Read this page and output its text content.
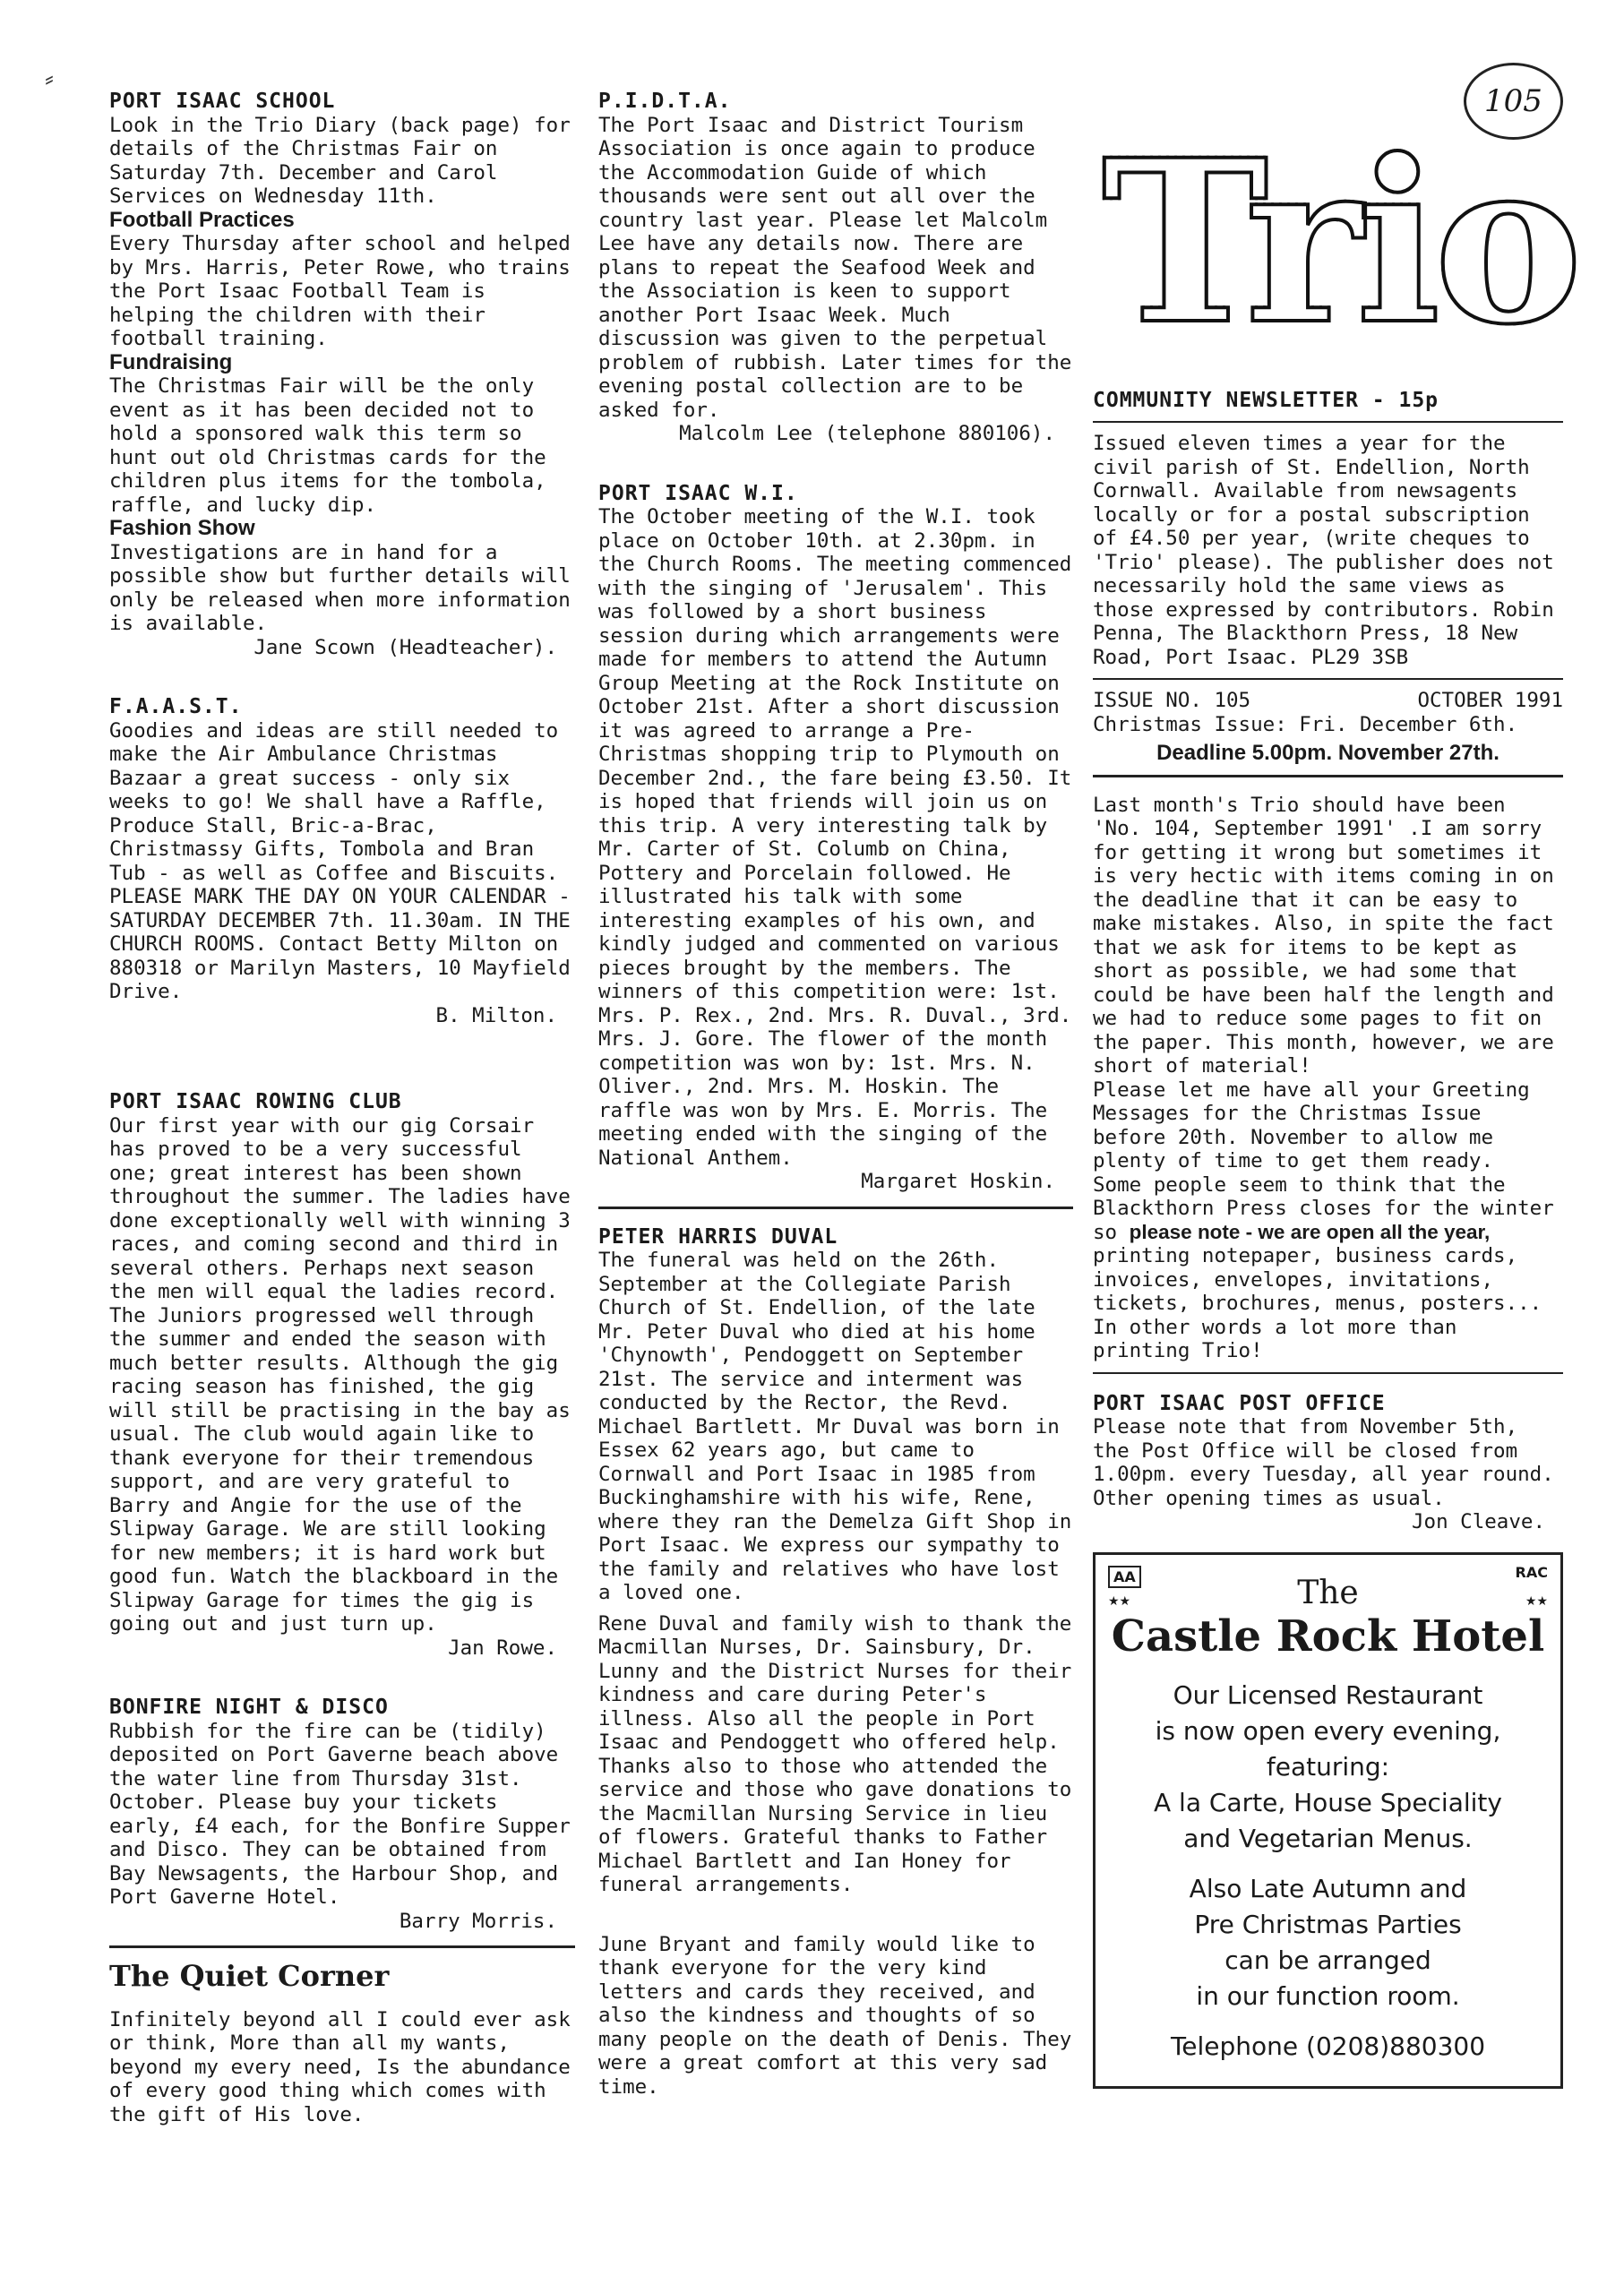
⸗
PORT ISAAC SCHOOL
Look in the Trio Diary (back page) for details of the Christmas Fair on Saturday 7th. December and Carol Services on Wednesday 11th.
Football Practices
Every Thursday after school and helped by Mrs. Harris, Peter Rowe, who trains the Port Isaac Football Team is helping the children with their football training.
Fundraising
The Christmas Fair will be the only event as it has been decided not to hold a sponsored walk this term so hunt out old Christmas cards for the children plus items for the tombola, raffle, and lucky dip.
Fashion Show
Investigations are in hand for a possible show but further details will only be released when more information is available.
Jane Scown (Headteacher).
F.A.A.S.T.
Goodies and ideas are still needed to make the Air Ambulance Christmas Bazaar a great success - only six weeks to go! We shall have a Raffle, Produce Stall, Bric-a-Brac, Christmassy Gifts, Tombola and Bran Tub - as well as Coffee and Biscuits. PLEASE MARK THE DAY ON YOUR CALENDAR - SATURDAY DECEMBER 7th. 11.30am. IN THE CHURCH ROOMS. Contact Betty Milton on 880318 or Marilyn Masters, 10 Mayfield Drive.
B. Milton.
PORT ISAAC ROWING CLUB
Our first year with our gig Corsair has proved to be a very successful one; great interest has been shown throughout the summer. The ladies have done exceptionally well with winning 3 races, and coming second and third in several others. Perhaps next season the men will equal the ladies record. The Juniors progressed well through the summer and ended the season with much better results. Although the gig racing season has finished, the gig will still be practising in the bay as usual. The club would again like to thank everyone for their tremendous support, and are very grateful to Barry and Angie for the use of the Slipway Garage. We are still looking for new members; it is hard work but good fun. Watch the blackboard in the Slipway Garage for times the gig is going out and just turn up.
Jan Rowe.
BONFIRE NIGHT & DISCO
Rubbish for the fire can be (tidily) deposited on Port Gaverne beach above the water line from Thursday 31st. October. Please buy your tickets early, £4 each, for the Bonfire Supper and Disco. They can be obtained from Bay Newsagents, the Harbour Shop, and Port Gaverne Hotel.
Barry Morris.
The Quiet Corner
Infinitely beyond all I could ever ask or think, More than all my wants, beyond my every need, Is the abundance of every good thing which comes with the gift of His love.
P.I.D.T.A.
The Port Isaac and District Tourism Association is once again to produce the Accommodation Guide of which thousands were sent out all over the country last year. Please let Malcolm Lee have any details now. There are plans to repeat the Seafood Week and the Association is keen to support another Port Isaac Week. Much discussion was given to the perpetual problem of rubbish. Later times for the evening postal collection are to be asked for.
Malcolm Lee (telephone 880106).
PORT ISAAC W.I.
The October meeting of the W.I. took place on October 10th. at 2.30pm. in the Church Rooms. The meeting commenced with the singing of 'Jerusalem'. This was followed by a short business session during which arrangements were made for members to attend the Autumn Group Meeting at the Rock Institute on October 21st. After a short discussion it was agreed to arrange a Pre-Christmas shopping trip to Plymouth on December 2nd., the fare being £3.50. It is hoped that friends will join us on this trip. A very interesting talk by Mr. Carter of St. Columb on China, Pottery and Porcelain followed. He illustrated his talk with some interesting examples of his own, and kindly judged and commented on various pieces brought by the members. The winners of this competition were: 1st. Mrs. P. Rex., 2nd. Mrs. R. Duval., 3rd. Mrs. J. Gore. The flower of the month competition was won by: 1st. Mrs. N. Oliver., 2nd. Mrs. M. Hoskin. The raffle was won by Mrs. E. Morris. The meeting ended with the singing of the National Anthem.
Margaret Hoskin.
PETER HARRIS DUVAL
The funeral was held on the 26th. September at the Collegiate Parish Church of St. Endellion, of the late Mr. Peter Duval who died at his home 'Chynowth', Pendoggett on September 21st. The service and interment was conducted by the Rector, the Revd. Michael Bartlett. Mr Duval was born in Essex 62 years ago, but came to Cornwall and Port Isaac in 1985 from Buckinghamshire with his wife, Rene, where they ran the Demelza Gift Shop in Port Isaac. We express our sympathy to the family and relatives who have lost a loved one.
Rene Duval and family wish to thank the Macmillan Nurses, Dr. Sainsbury, Dr. Lunny and the District Nurses for their kindness and care during Peter's illness. Also all the people in Port Isaac and Pendoggett who offered help. Thanks also to those who attended the service and those who gave donations to the Macmillan Nursing Service in lieu of flowers. Grateful thanks to Father Michael Bartlett and Ian Honey for funeral arrangements.
June Bryant and family would like to thank everyone for the very kind letters and cards they received, and also the kindness and thoughts of so many people on the death of Denis. They were a great comfort at this very sad time.
Trio
105
COMMUNITY NEWSLETTER - 15p
Issued eleven times a year for the civil parish of St. Endellion, North Cornwall. Available from newsagents locally or for a postal subscription of £4.50 per year, (write cheques to 'Trio' please). The publisher does not necessarily hold the same views as those expressed by contributors. Robin Penna, The Blackthorn Press, 18 New Road, Port Isaac. PL29 3SB
ISSUE NO. 105	OCTOBER 1991
Christmas Issue: Fri. December 6th.
Deadline 5.00pm. November 27th.
Last month's Trio should have been 'No. 104, September 1991' .I am sorry for getting it wrong but sometimes it is very hectic with items coming in on the deadline that it can be easy to make mistakes. Also, in spite the fact that we ask for items to be kept as short as possible, we had some that could be have been half the length and we had to reduce some pages to fit on the paper. This month, however, we are short of material!
Please let me have all your Greeting Messages for the Christmas Issue before 20th. November to allow me plenty of time to get them ready.
Some people seem to think that the Blackthorn Press closes for the winter so please note - we are open all the year, printing notepaper, business cards, invoices, envelopes, invitations, tickets, brochures, menus, posters... In other words a lot more than printing Trio!
PORT ISAAC POST OFFICE
Please note that from November 5th, the Post Office will be closed from 1.00pm. every Tuesday, all year round. Other opening times as usual.
Jon Cleave.
AA
★★
RAC
★★
The
Castle Rock Hotel
Our Licensed Restaurant
is now open every evening,
featuring:
A la Carte, House Speciality
and Vegetarian Menus.
Also Late Autumn and
Pre Christmas Parties
can be arranged
in our function room.
Telephone (0208)880300
